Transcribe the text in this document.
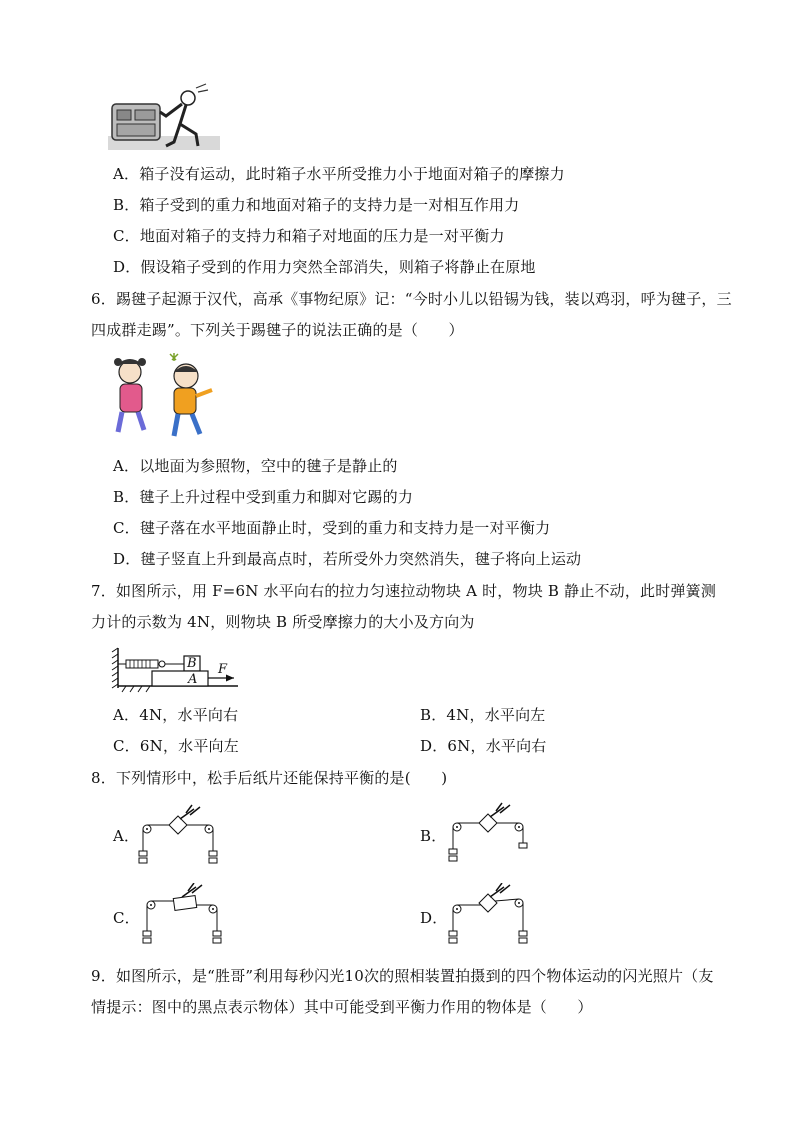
A．箱子没有运动，此时箱子水平所受推力小于地面对箱子的摩擦力
B．箱子受到的重力和地面对箱子的支持力是一对相互作用力
C．地面对箱子的支持力和箱子对地面的压力是一对平衡力
D．假设箱子受到的作用力突然全部消失，则箱子将静止在原地
6．踢毽子起源于汉代，高承《事物纪原》记：“今时小儿以铅锡为钱，装以鸡羽，呼为毽子，三
四成群走踢”。下列关于踢毽子的说法正确的是（　　）
A．以地面为参照物，空中的毽子是静止的
B．毽子上升过程中受到重力和脚对它踢的力
C．毽子落在水平地面静止时，受到的重力和支持力是一对平衡力
D．毽子竖直上升到最高点时，若所受外力突然消失，毽子将向上运动
7．如图所示，用 F=6N 水平向右的拉力匀速拉动物块 A 时，物块 B 静止不动，此时弹簧测
力计的示数为 4N，则物块 B 所受摩擦力的大小及方向为
B
A
F
A．4N，水平向右	B．4N，水平向左
C．6N，水平向左	D．6N，水平向右
8．下列情形中，松手后纸片还能保持平衡的是(　　)
A．	B．
C．	D．
9．如图所示，是“胜哥”利用每秒闪光10次的照相装置拍摄到的四个物体运动的闪光照片（友
情提示：图中的黑点表示物体）其中可能受到平衡力作用的物体是（　　）
